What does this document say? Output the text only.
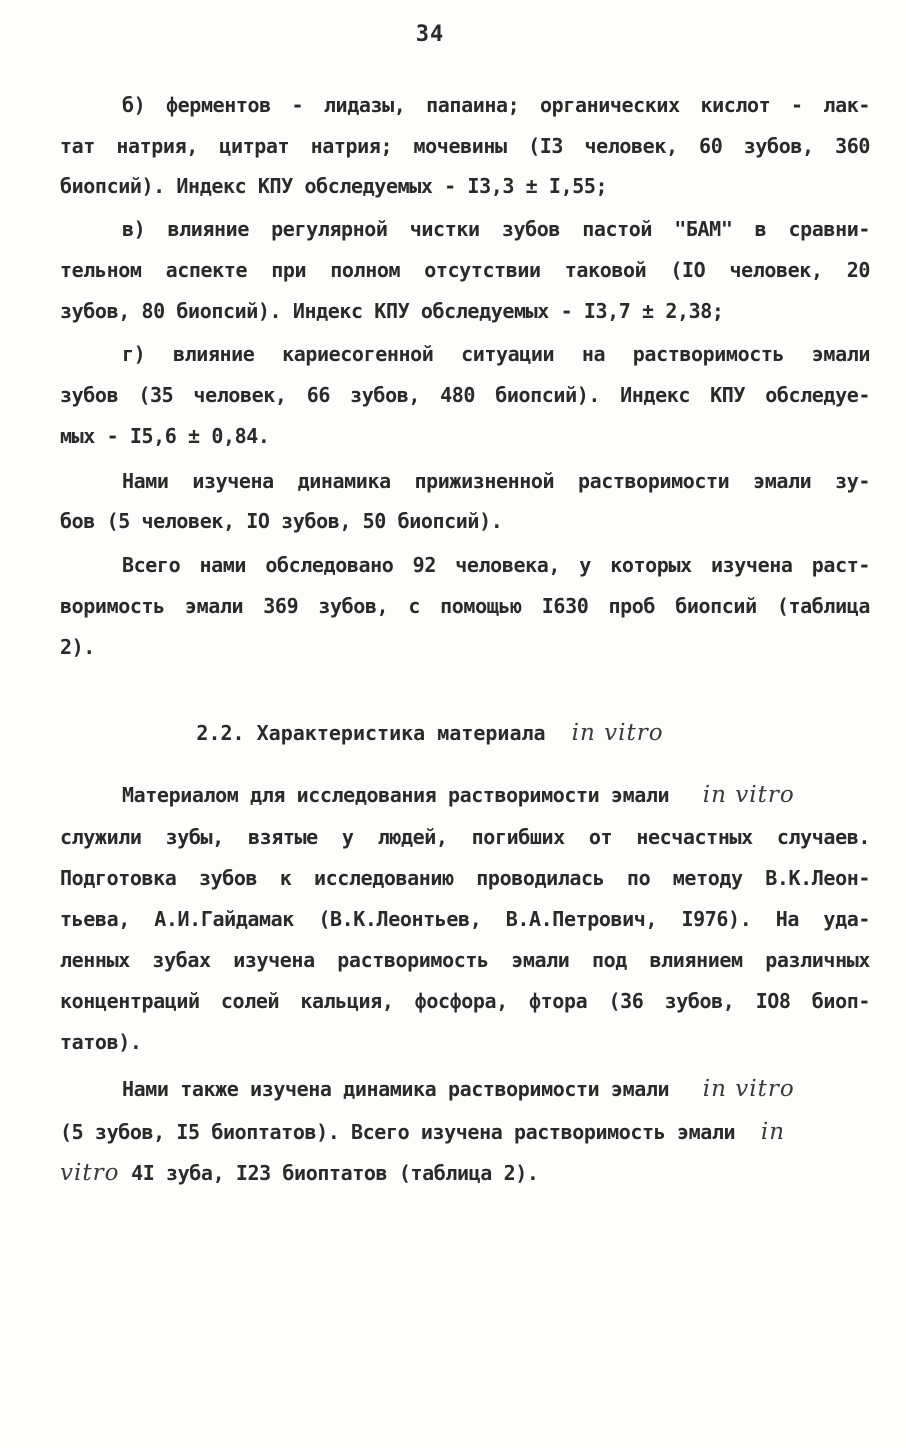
34
б) ферментов - лидазы, папаина; органических кислот - лак-
тат натрия, цитрат натрия; мочевины (I3 человек, 60 зубов, 360
биопсий). Индекс КПУ обследуемых - I3,3 ± I,55;
в) влияние регулярной чистки зубов пастой "БАМ" в сравни-
тельном аспекте при полном отсутствии таковой (IO человек, 20
зубов, 80 биопсий). Индекс КПУ обследуемых - I3,7 ± 2,38;
г) влияние кариесогенной ситуации на растворимость эмали
зубов (35 человек, 66 зубов, 480 биопсий). Индекс КПУ обследуе-
мых - I5,6 ± 0,84.
Нами изучена динамика прижизненной растворимости эмали зу-
бов (5 человек, IO зубов, 50 биопсий).
Всего нами обследовано 92 человека, у которых изучена раст-
воримость эмали 369 зубов, с помощью I630 проб биопсий (таблица
2).
2.2. Характеристика материала in vitro
Материалом для исследования растворимости эмали in vitro
служили зубы, взятые у людей, погибших от несчастных случаев.
Подготовка зубов к исследованию проводилась по методу В.К.Леон-
тьева, А.И.Гайдамак (В.К.Леонтьев, В.А.Петрович, I976). На уда-
ленных зубах изучена растворимость эмали под влиянием различных
концентраций солей кальция, фосфора, фтора (36 зубов, IO8 биоп-
татов).
Нами также изучена динамика растворимости эмали in vitro
(5 зубов, I5 биоптатов). Всего изучена растворимость эмали in
vitro 4I зуба, I23 биоптатов (таблица 2).
